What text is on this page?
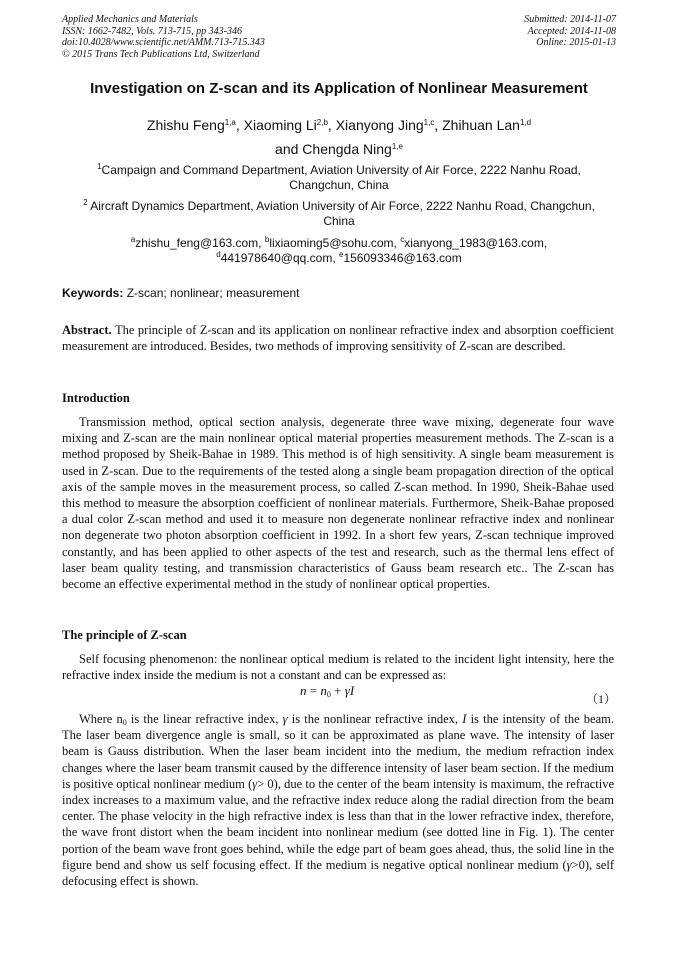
Applied Mechanics and Materials
ISSN: 1662-7482, Vols. 713-715, pp 343-346
doi:10.4028/www.scientific.net/AMM.713-715.343
© 2015 Trans Tech Publications Ltd, Switzerland
Submitted: 2014-11-07
Accepted: 2014-11-08
Online: 2015-01-13
Investigation on Z-scan and its Application of Nonlinear Measurement
Zhishu Feng$^{1,a}$, Xiaoming Li$^{2,b}$, Xianyong Jing$^{1,c}$, Zhihuan Lan$^{1,d}$
and Chengda Ning$^{1,e}$
$^1$Campaign and Command Department, Aviation University of Air Force, 2222 Nanhu Road, Changchun, China
$^2$ Aircraft Dynamics Department, Aviation University of Air Force, 2222 Nanhu Road, Changchun, China
$^a$zhishu_feng@163.com, $^b$lixiaoming5@sohu.com, $^c$xianyong_1983@163.com,
$^d$441978640@qq.com, $^e$156093346@163.com
Keywords: Z-scan; nonlinear; measurement
Abstract. The principle of Z-scan and its application on nonlinear refractive index and absorption coefficient measurement are introduced. Besides, two methods of improving sensitivity of Z-scan are described.
Introduction
Transmission method, optical section analysis, degenerate three wave mixing, degenerate four wave mixing and Z-scan are the main nonlinear optical material properties measurement methods. The Z-scan is a method proposed by Sheik-Bahae in 1989. This method is of high sensitivity. A single beam measurement is used in Z-scan. Due to the requirements of the tested along a single beam propagation direction of the optical axis of the sample moves in the measurement process, so called Z-scan method. In 1990, Sheik-Bahae used this method to measure the absorption coefficient of nonlinear materials. Furthermore, Sheik-Bahae proposed a dual color Z-scan method and used it to measure non degenerate nonlinear refractive index and nonlinear non degenerate two photon absorption coefficient in 1992. In a short few years, Z-scan technique improved constantly, and has been applied to other aspects of the test and research, such as the thermal lens effect of laser beam quality testing, and transmission characteristics of Gauss beam research etc.. The Z-scan has become an effective experimental method in the study of nonlinear optical properties.
The principle of Z-scan
Self focusing phenomenon: the nonlinear optical medium is related to the incident light intensity, here the refractive index inside the medium is not a constant and can be expressed as:
$n = n_0 + \gamma I$
（1）
Where $n_0$ is the linear refractive index, γ is the nonlinear refractive index, I is the intensity of the beam. The laser beam divergence angle is small, so it can be approximated as plane wave. The intensity of laser beam is Gauss distribution. When the laser beam incident into the medium, the medium refraction index changes where the laser beam transmit caused by the difference intensity of laser beam section. If the medium is positive optical nonlinear medium (γ> 0), due to the center of the beam intensity is maximum, the refractive index increases to a maximum value, and the refractive index reduce along the radial direction from the beam center. The phase velocity in the high refractive index is less than that in the lower refractive index, therefore, the wave front distort when the beam incident into nonlinear medium (see dotted line in Fig. 1). The center portion of the beam wave front goes behind, while the edge part of beam goes ahead, thus, the solid line in the figure bend and show us self focusing effect. If the medium is negative optical nonlinear medium (γ>0), self defocusing effect is shown.
